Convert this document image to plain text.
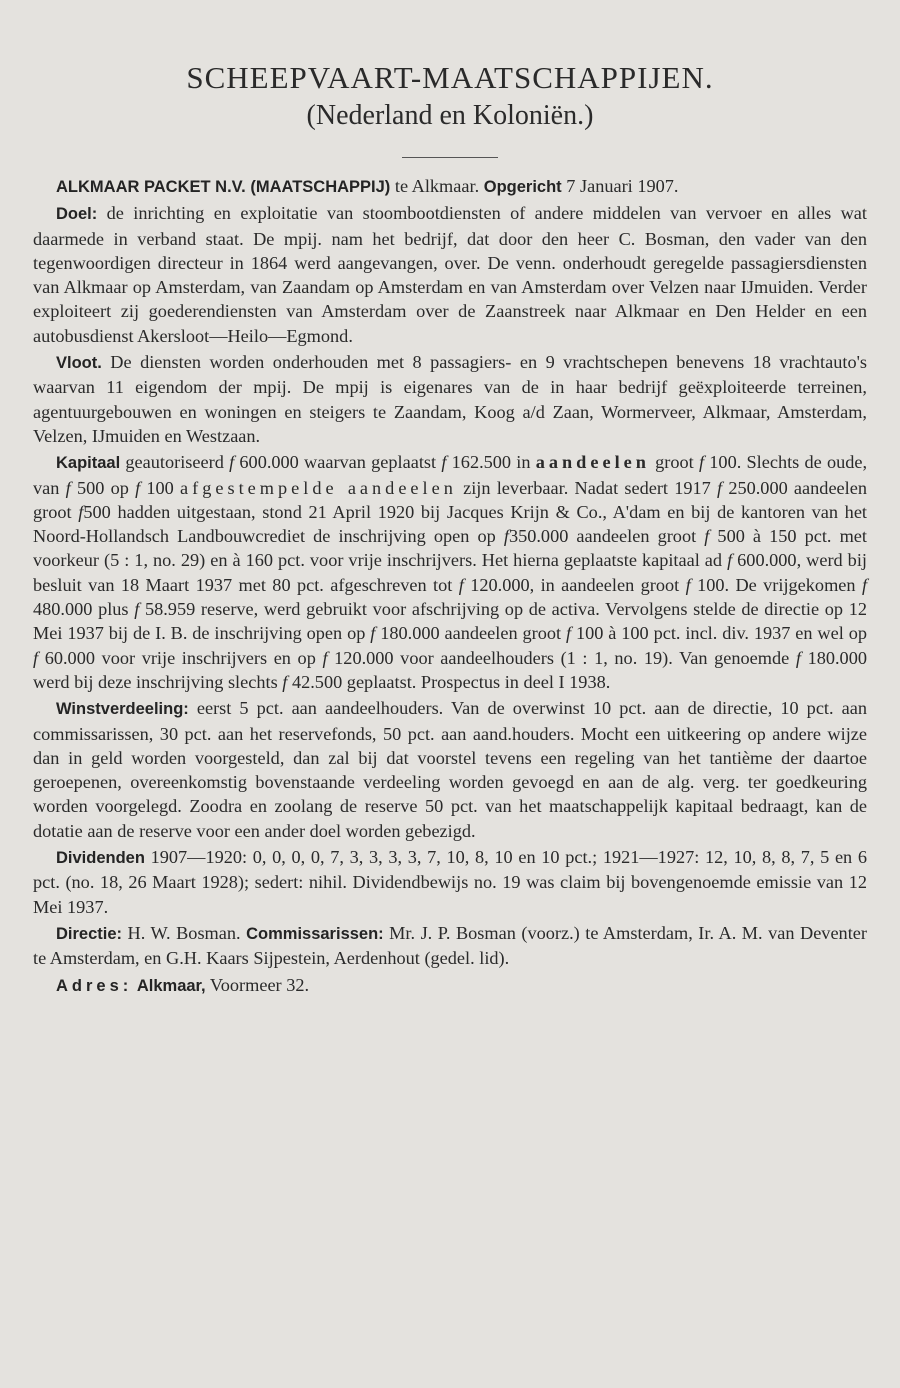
SCHEEPVAART-MAATSCHAPPIJEN.
(Nederland en Koloniën.)

ALKMAAR PACKET N.V. (MAATSCHAPPIJ) te Alkmaar. Opgericht 7 Januari 1907.

Doel: de inrichting en exploitatie van stoombootdiensten of andere middelen van vervoer en alles wat daarmede in verband staat. De mpij. nam het bedrijf, dat door den heer C. Bosman, den vader van den tegenwoordigen directeur in 1864 werd aangevangen, over. De venn. onderhoudt geregelde passagiersdiensten van Alkmaar op Amsterdam, van Zaandam op Amsterdam en van Amsterdam over Velzen naar IJmuiden. Verder exploiteert zij goederendiensten van Amsterdam over de Zaanstreek naar Alkmaar en Den Helder en een autobusdienst Akersloot—Heilo—Egmond.

Vloot. De diensten worden onderhouden met 8 passagiers- en 9 vrachtschepen benevens 18 vrachtauto's waarvan 11 eigendom der mpij. De mpij is eigenares van de in haar bedrijf geëxploiteerde terreinen, agentuurgebouwen en woningen en steigers te Zaandam, Koog a/d Zaan, Wormerveer, Alkmaar, Amsterdam, Velzen, IJmuiden en Westzaan.

Kapitaal geautoriseerd f 600.000 waarvan geplaatst f 162.500 in aandeelen groot f 100. Slechts de oude, van f 500 op f 100 afgestempelde aandeelen zijn leverbaar. Nadat sedert 1917 f 250.000 aandeelen groot f500 hadden uitgestaan, stond 21 April 1920 bij Jacques Krijn & Co., A'dam en bij de kantoren van het Noord-Hollandsch Landbouwcrediet de inschrijving open op f350.000 aandeelen groot f 500 à 150 pct. met voorkeur (5 : 1, no. 29) en à 160 pct. voor vrije inschrijvers. Het hierna geplaatste kapitaal ad f 600.000, werd bij besluit van 18 Maart 1937 met 80 pct. afgeschreven tot f 120.000, in aandeelen groot f 100. De vrijgekomen f 480.000 plus f 58.959 reserve, werd gebruikt voor afschrijving op de activa. Vervolgens stelde de directie op 12 Mei 1937 bij de I. B. de inschrijving open op f 180.000 aandeelen groot f 100 à 100 pct. incl. div. 1937 en wel op f 60.000 voor vrije inschrijvers en op f 120.000 voor aandeelhouders (1 : 1, no. 19). Van genoemde f 180.000 werd bij deze inschrijving slechts f 42.500 geplaatst. Prospectus in deel I 1938.

Winstverdeeling: eerst 5 pct. aan aandeelhouders. Van de overwinst 10 pct. aan de directie, 10 pct. aan commissarissen, 30 pct. aan het reservefonds, 50 pct. aan aand.houders. Mocht een uitkeering op andere wijze dan in geld worden voorgesteld, dan zal bij dat voorstel tevens een regeling van het tantième der daartoe geroepenen, overeenkomstig bovenstaande verdeeling worden gevoegd en aan de alg. verg. ter goedkeuring worden voorgelegd. Zoodra en zoolang de reserve 50 pct. van het maatschappelijk kapitaal bedraagt, kan de dotatie aan de reserve voor een ander doel worden gebezigd.

Dividenden 1907—1920: 0, 0, 0, 0, 7, 3, 3, 3, 3, 7, 10, 8, 10 en 10 pct.; 1921—1927: 12, 10, 8, 8, 7, 5 en 6 pct. (no. 18, 26 Maart 1928); sedert: nihil. Dividendbewijs no. 19 was claim bij bovengenoemde emissie van 12 Mei 1937.

Directie: H. W. Bosman. Commissarissen: Mr. J. P. Bosman (voorz.) te Amsterdam, Ir. A. M. van Deventer te Amsterdam, en G.H. Kaars Sijpestein, Aerdenhout (gedel. lid).

Adres: Alkmaar, Voormeer 32.
